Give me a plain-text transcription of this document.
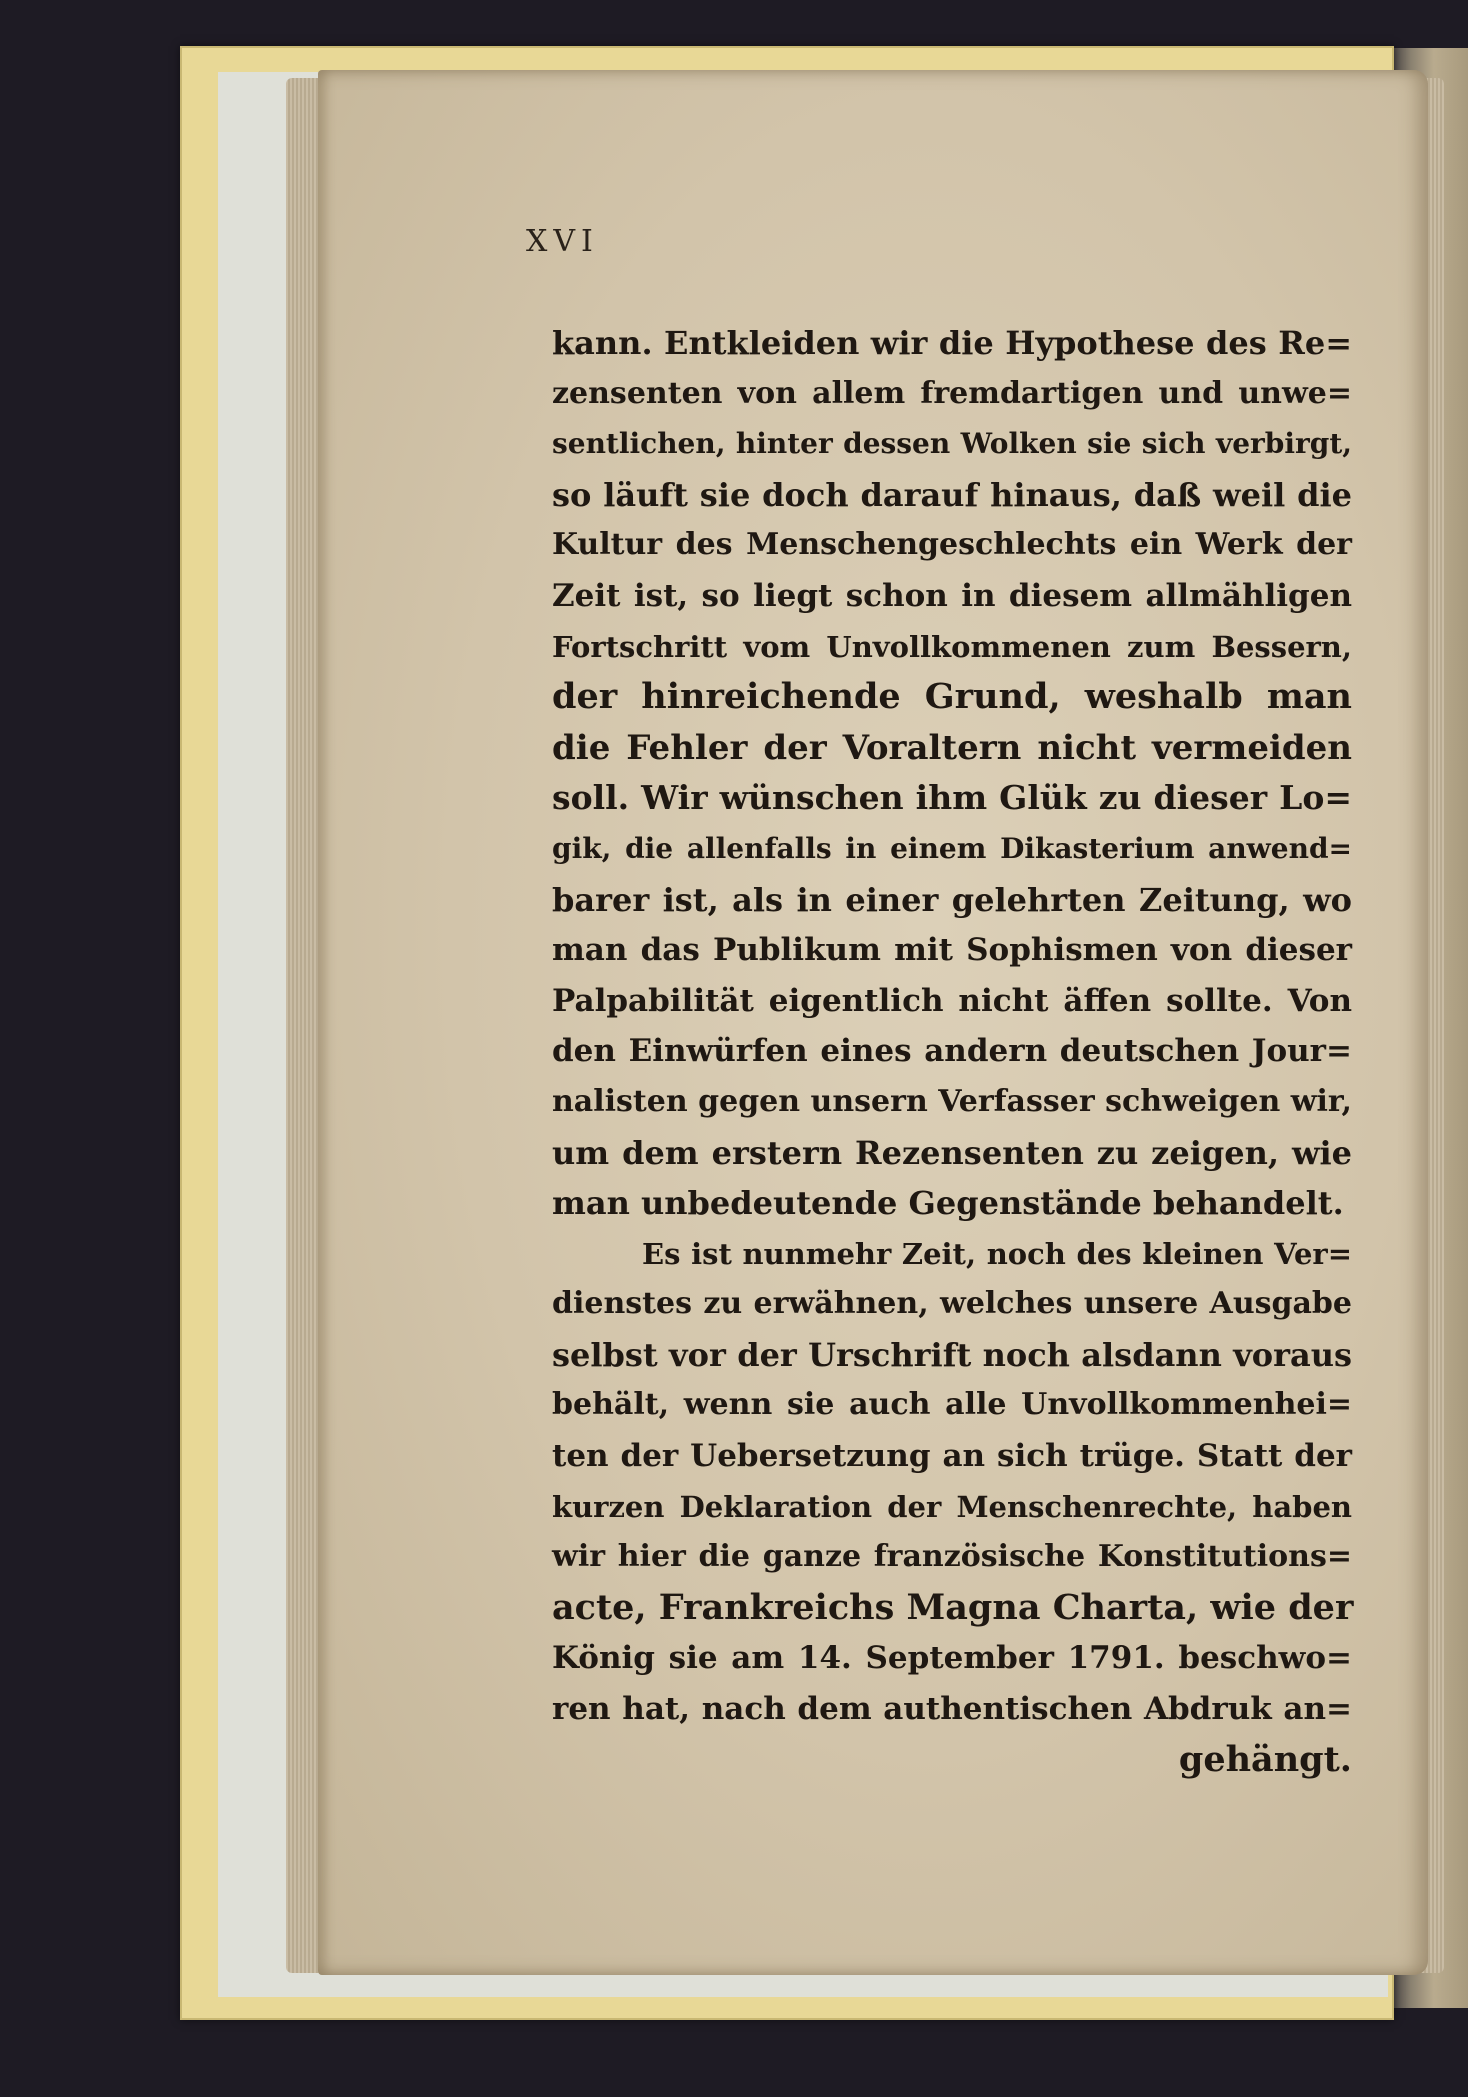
XVI
kann. Entkleiden wir die Hypothese des Re=
zensenten von allem fremdartigen und unwe=
sentlichen, hinter dessen Wolken sie sich verbirgt,
so läuft sie doch darauf hinaus, daß weil die
Kultur des Menschengeschlechts ein Werk der
Zeit ist, so liegt schon in diesem allmähligen
Fortschritt vom Unvollkommenen zum Bessern,
der hinreichende Grund, weshalb man
die Fehler der Voraltern nicht vermeiden
soll. Wir wünschen ihm Glük zu dieser Lo=
gik, die allenfalls in einem Dikasterium anwend=
barer ist, als in einer gelehrten Zeitung, wo
man das Publikum mit Sophismen von dieser
Palpabilität eigentlich nicht äffen sollte. Von
den Einwürfen eines andern deutschen Jour=
nalisten gegen unsern Verfasser schweigen wir,
um dem erstern Rezensenten zu zeigen, wie
man unbedeutende Gegenstände behandelt.
Es ist nunmehr Zeit, noch des kleinen Ver=
dienstes zu erwähnen, welches unsere Ausgabe
selbst vor der Urschrift noch alsdann voraus
behält, wenn sie auch alle Unvollkommenhei=
ten der Uebersetzung an sich trüge. Statt der
kurzen Deklaration der Menschenrechte, haben
wir hier die ganze französische Konstitutions=
acte, Frankreichs Magna Charta, wie der
König sie am 14. September 1791. beschwo=
ren hat, nach dem authentischen Abdruk an=
gehängt.
